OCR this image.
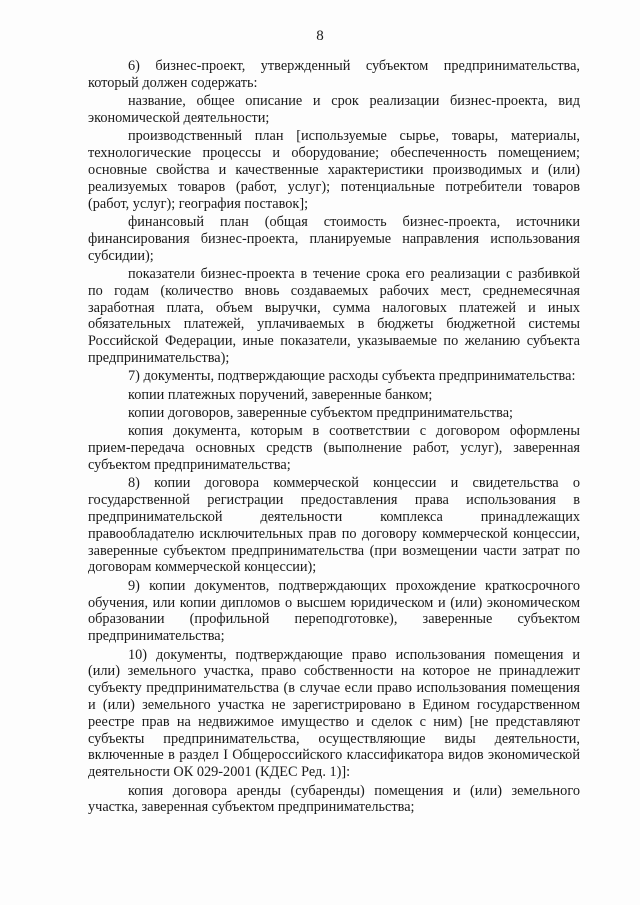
8

6) бизнес-проект, утвержденный субъектом предпринимательства, который должен содержать:

название, общее описание и срок реализации бизнес-проекта, вид экономической деятельности;

производственный план [используемые сырье, товары, материалы, технологические процессы и оборудование; обеспеченность помещением; основные свойства и качественные характеристики производимых и (или) реализуемых товаров (работ, услуг); потенциальные потребители товаров (работ, услуг); география поставок];

финансовый план (общая стоимость бизнес-проекта, источники финансирования бизнес-проекта, планируемые направления использования субсидии);

показатели бизнес-проекта в течение срока его реализации с разбивкой по годам (количество вновь создаваемых рабочих мест, среднемесячная заработная плата, объем выручки, сумма налоговых платежей и иных обязательных платежей, уплачиваемых в бюджеты бюджетной системы Российской Федерации, иные показатели, указываемые по желанию субъекта предпринимательства);

7) документы, подтверждающие расходы субъекта предпринимательства:

копии платежных поручений, заверенные банком;

копии договоров, заверенные субъектом предпринимательства;

копия документа, которым в соответствии с договором оформлены прием-передача основных средств (выполнение работ, услуг), заверенная субъектом предпринимательства;

8) копии договора коммерческой концессии и свидетельства о государственной регистрации предоставления права использования в предпринимательской деятельности комплекса принадлежащих правообладателю исключительных прав по договору коммерческой концессии, заверенные субъектом предпринимательства (при возмещении части затрат по договорам коммерческой концессии);

9) копии документов, подтверждающих прохождение краткосрочного обучения, или копии дипломов о высшем юридическом и (или) экономическом образовании (профильной переподготовке), заверенные субъектом предпринимательства;

10) документы, подтверждающие право использования помещения и (или) земельного участка, право собственности на которое не принадлежит субъекту предпринимательства (в случае если право использования помещения и (или) земельного участка не зарегистрировано в Едином государственном реестре прав на недвижимое имущество и сделок с ним) [не представляют субъекты предпринимательства, осуществляющие виды деятельности, включенные в раздел I Общероссийского классификатора видов экономической деятельности ОК 029-2001 (КДЕС Ред. 1)]:

копия договора аренды (субаренды) помещения и (или) земельного участка, заверенная субъектом предпринимательства;
